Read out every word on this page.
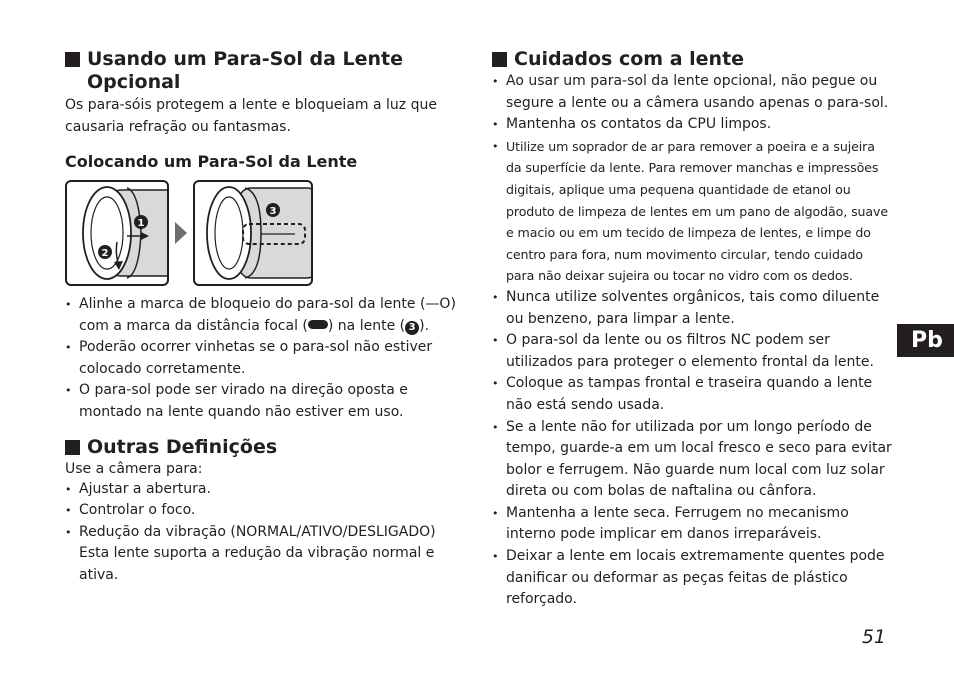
Usando um Para-Sol da Lente Opcional

Os para-sóis protegem a lente e bloqueiam a luz que causaria refração ou fantasmas.

Colocando um Para-Sol da Lente
1
2
3
• Alinhe a marca de bloqueio do para-sol da lente (—O) com a marca da distância focal ( ) na lente ( 3 ).
• Poderão ocorrer vinhetas se o para-sol não estiver colocado corretamente.
• O para-sol pode ser virado na direção oposta e montado na lente quando não estiver em uso.
Outras Definições

Use a câmera para:

• Ajustar a abertura.
• Controlar o foco.
• Redução da vibração (NORMAL/ATIVO/DESLIGADO) Esta lente suporta a redução da vibração normal e ativa.
Cuidados com a lente
• Ao usar um para-sol da lente opcional, não pegue ou segure a lente ou a câmera usando apenas o para-sol.
• Mantenha os contatos da CPU limpos.
• Utilize um soprador de ar para remover a poeira e a sujeira da superfície da lente. Para remover manchas e impressões digitais, aplique uma pequena quantidade de etanol ou produto de limpeza de lentes em um pano de algodão, suave e macio ou em um tecido de limpeza de lentes, e limpe do centro para fora, num movimento circular, tendo cuidado para não deixar sujeira ou tocar no vidro com os dedos.
• Nunca utilize solventes orgânicos, tais como diluente ou benzeno, para limpar a lente.
• O para-sol da lente ou os filtros NC podem ser utilizados para proteger o elemento frontal da lente.
• Coloque as tampas frontal e traseira quando a lente não está sendo usada.
• Se a lente não for utilizada por um longo período de tempo, guarde-a em um local fresco e seco para evitar bolor e ferrugem. Não guarde num local com luz solar direta ou com bolas de naftalina ou cânfora.
• Mantenha a lente seca. Ferrugem no mecanismo interno pode implicar em danos irreparáveis.
• Deixar a lente em locais extremamente quentes pode danificar ou deformar as peças feitas de plástico reforçado.
Pb
51
